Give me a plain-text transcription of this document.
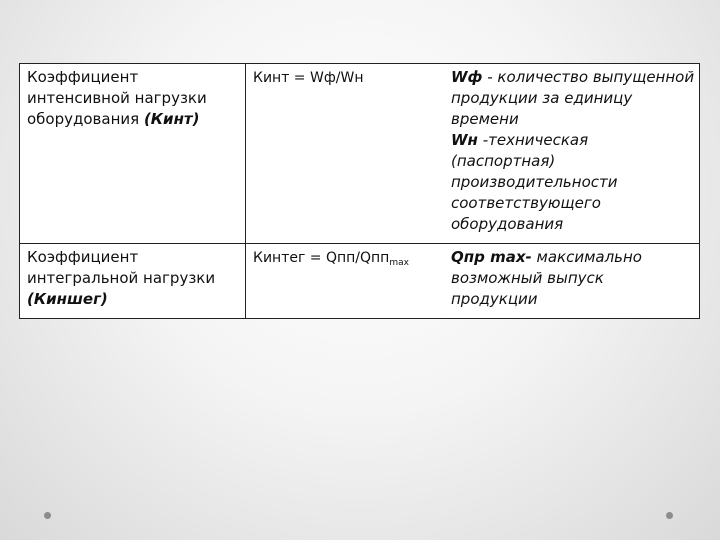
Коэффициент интенсивной нагрузки оборудования (Кинт)	Кинт = Wф/Wн	Wф - количество выпущенной продукции за единицу времени
Wн -техническая (паспортная) производительности соответствующего оборудования
Коэффициент интегральной нагрузки (Киншег)	Кинтег = Qпп/Qпп$_{max}$	Qпр max- максимально возможный выпуск продукции
